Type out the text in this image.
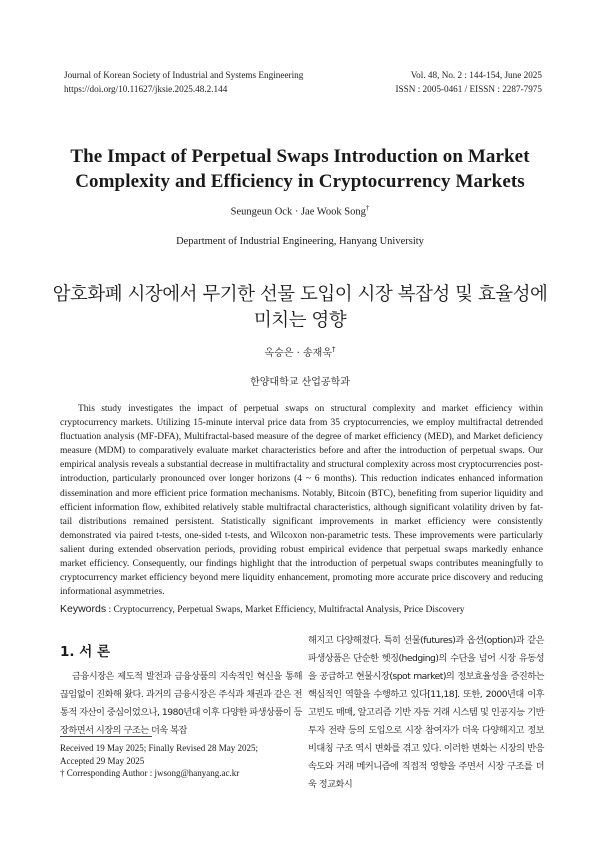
Journal of Korean Society of Industrial and Systems Engineering
https://doi.org/10.11627/jksie.2025.48.2.144
Vol. 48, No. 2 : 144-154, June 2025
ISSN : 2005-0461 / EISSN : 2287-7975
The Impact of Perpetual Swaps Introduction on Market
Complexity and Efficiency in Cryptocurrency Markets
Seungeun Ock · Jae Wook Song†
Department of Industrial Engineering, Hanyang University
암호화폐 시장에서 무기한 선물 도입이 시장 복잡성 및 효율성에
미치는 영향
옥승은 · 송재욱†
한양대학교 산업공학과

This study investigates the impact of perpetual swaps on structural complexity and market efficiency within cryptocurrency markets. Utilizing 15-minute interval price data from 35 cryptocurrencies, we employ multifractal detrended fluctuation analysis (MF-DFA), Multifractal-based measure of the degree of market efficiency (MED), and Market deficiency measure (MDM) to comparatively evaluate market characteristics before and after the introduction of perpetual swaps. Our empirical analysis reveals a substantial decrease in multifractality and structural complexity across most cryptocurrencies post-introduction, particularly pronounced over longer horizons (4 ~ 6 months). This reduction indicates enhanced information dissemination and more efficient price formation mechanisms. Notably, Bitcoin (BTC), benefiting from superior liquidity and efficient information flow, exhibited relatively stable multifractal characteristics, although significant volatility driven by fat-tail distributions remained persistent. Statistically significant improvements in market efficiency were consistently demonstrated via paired t-tests, one-sided t-tests, and Wilcoxon non-parametric tests. These improvements were particularly salient during extended observation periods, providing robust empirical evidence that perpetual swaps markedly enhance market efficiency. Consequently, our findings highlight that the introduction of perpetual swaps contributes meaningfully to cryptocurrency market efficiency beyond mere liquidity enhancement, promoting more accurate price discovery and reducing informational asymmetries.

Keywords : Cryptocurrency, Perpetual Swaps, Market Efficiency, Multifractal Analysis, Price Discovery
1. 서 론

금융시장은 제도적 발전과 금융상품의 지속적인 혁신을 통해 끊임없이 진화해 왔다. 과거의 금융시장은 주식과 채권과 같은 전통적 자산이 중심이었으나, 1980년대 이후 다양한 파생상품이 등장하면서 시장의 구조는 더욱 복잡

해지고 다양해졌다. 특히 선물(futures)과 옵션(option)과 같은 파생상품은 단순한 헷징(hedging)의 수단을 넘어 시장 유동성을 공급하고 현물시장(spot market)의 정보효율성을 증진하는 핵심적인 역할을 수행하고 있다[11,18]. 또한, 2000년대 이후 고빈도 매매, 알고리즘 기반 자동 거래 시스템 및 인공지능 기반 투자 전략 등의 도입으로 시장 참여자가 더욱 다양해지고 정보 비대칭 구조 역시 변화를 겪고 있다. 이러한 변화는 시장의 반응 속도와 거래 메커니즘에 직접적 영향을 주면서 시장 구조를 더욱 정교화시

Received 19 May 2025; Finally Revised 28 May 2025;
Accepted 29 May 2025
† Corresponding Author : jwsong@hanyang.ac.kr
